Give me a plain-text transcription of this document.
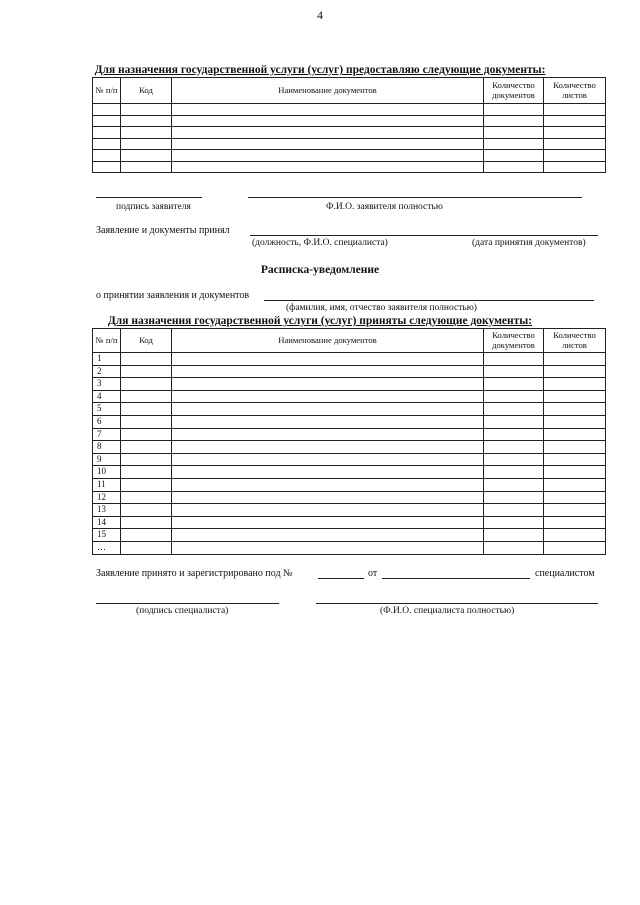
4
Для назначения государственной услуги (услуг) предоставляю следующие документы:
№ п/п	Код	Наименование документов	Количество документов	Количество листов

подпись заявителя	Ф.И.О. заявителя полностью
Заявление и документы принял
(должность, Ф.И.О. специалиста)	(дата принятия документов)
Расписка-уведомление
о принятии заявления и документов
(фамилия, имя, отчество заявителя полностью)
Для назначения государственной услуги (услуг) приняты следующие документы:
№ п/п	Код	Наименование документов	Количество документов	Количество листов
1				
2				
3				
4				
5				
6				
7				
8				
9				
10				
11				
12				
13				
14				
15				
…				
Заявление принято и зарегистрировано под №	от	специалистом
(подпись специалиста)	(Ф.И.О. специалиста полностью)
